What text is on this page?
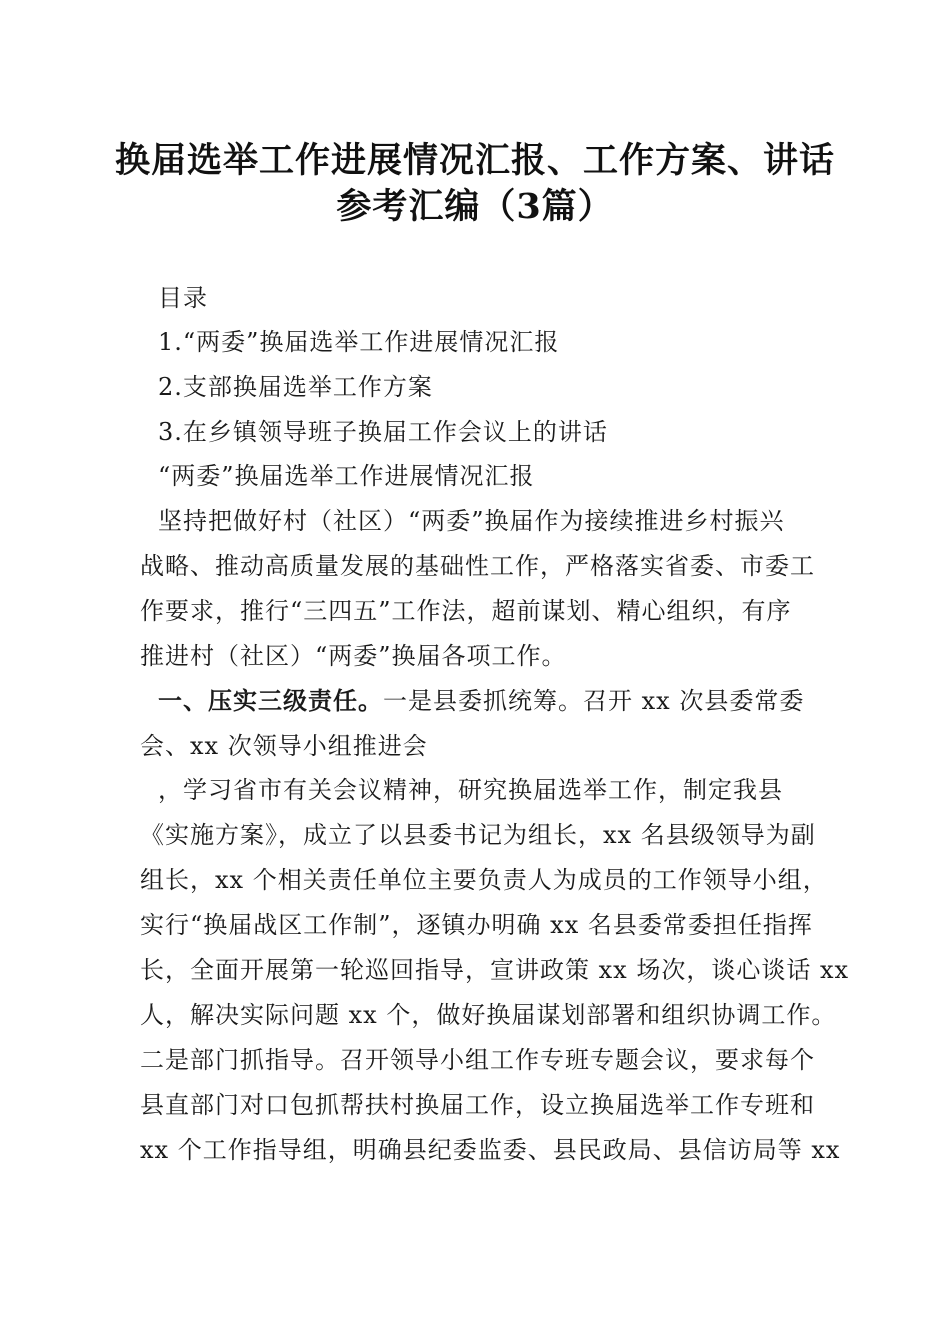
换届选举工作进展情况汇报、工作方案、讲话
参考汇编（3篇）
目录
1.“两委”换届选举工作进展情况汇报
2.支部换届选举工作方案
3.在乡镇领导班子换届工作会议上的讲话
“两委”换届选举工作进展情况汇报
坚持把做好村（社区）“两委”换届作为接续推进乡村振兴
战略、推动高质量发展的基础性工作，严格落实省委、市委工
作要求，推行“三四五”工作法，超前谋划、精心组织，有序
推进村（社区）“两委”换届各项工作。
一、压实三级责任。一是县委抓统筹。召开 xx 次县委常委
会、xx 次领导小组推进会
，学习省市有关会议精神，研究换届选举工作，制定我县
《实施方案》，成立了以县委书记为组长，xx 名县级领导为副
组长，xx 个相关责任单位主要负责人为成员的工作领导小组，
实行“换届战区工作制”，逐镇办明确 xx 名县委常委担任指挥
长，全面开展第一轮巡回指导，宣讲政策 xx 场次，谈心谈话 xx
人，解决实际问题 xx 个，做好换届谋划部署和组织协调工作。
二是部门抓指导。召开领导小组工作专班专题会议，要求每个
县直部门对口包抓帮扶村换届工作，设立换届选举工作专班和
xx 个工作指导组，明确县纪委监委、县民政局、县信访局等 xx
